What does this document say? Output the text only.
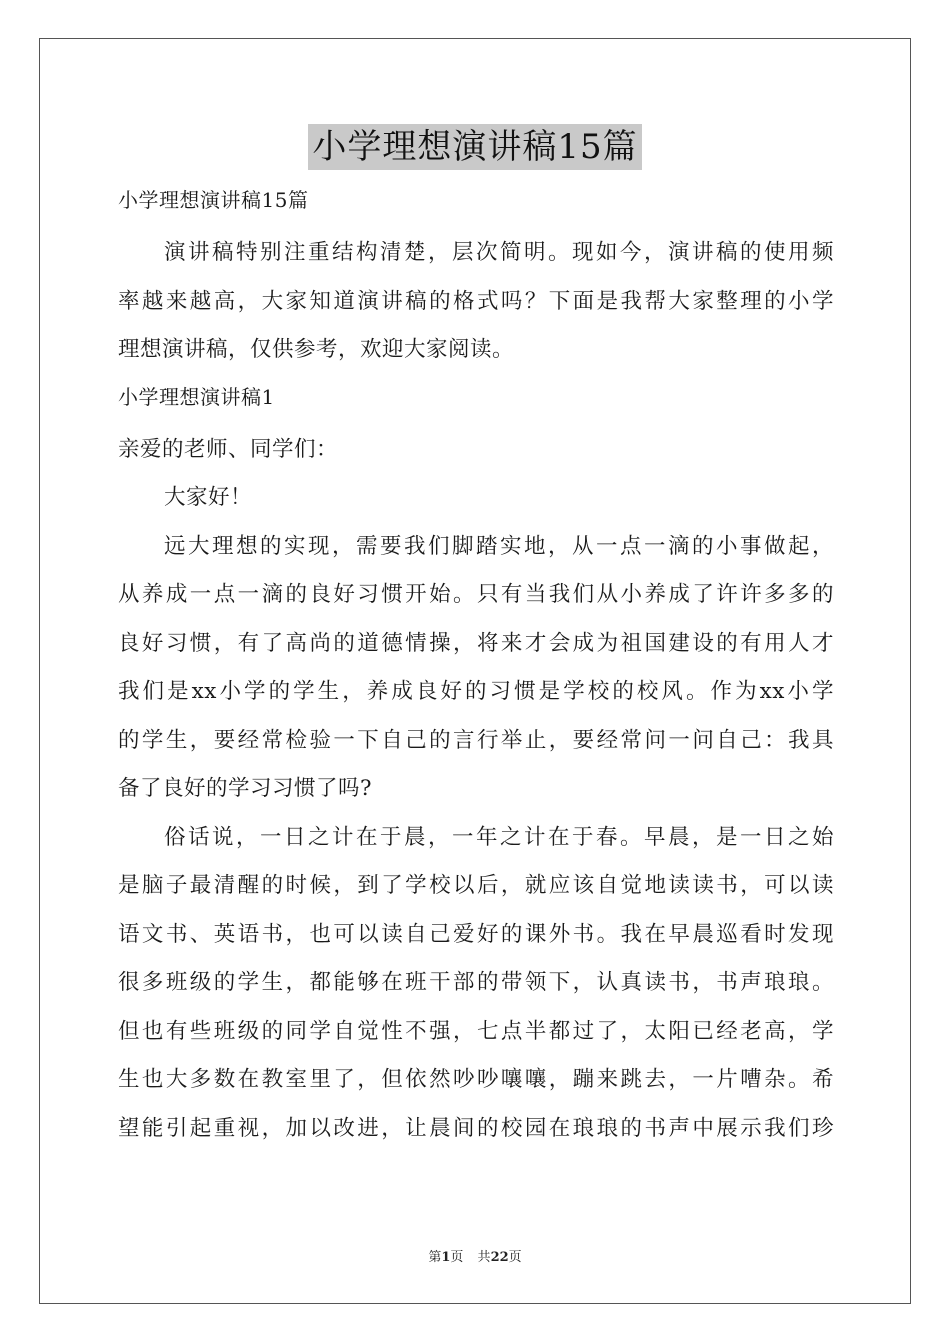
小学理想演讲稿15篇
小学理想演讲稿15篇
演讲稿特别注重结构清楚，层次简明。现如今，演讲稿的使用频
率越来越高，大家知道演讲稿的格式吗？下面是我帮大家整理的小学
理想演讲稿，仅供参考，欢迎大家阅读。
小学理想演讲稿1
亲爱的老师、同学们：
大家好！
远大理想的实现，需要我们脚踏实地，从一点一滴的小事做起，
从养成一点一滴的良好习惯开始。只有当我们从小养成了许许多多的
良好习惯，有了高尚的道德情操，将来才会成为祖国建设的有用人才
我们是xx小学的学生，养成良好的习惯是学校的校风。作为xx小学
的学生，要经常检验一下自己的言行举止，要经常问一问自己：我具
备了良好的学习习惯了吗?
俗话说，一日之计在于晨，一年之计在于春。早晨，是一日之始
是脑子最清醒的时候，到了学校以后，就应该自觉地读读书，可以读
语文书、英语书，也可以读自己爱好的课外书。我在早晨巡看时发现
很多班级的学生，都能够在班干部的带领下，认真读书，书声琅琅。
但也有些班级的同学自觉性不强，七点半都过了，太阳已经老高，学
生也大多数在教室里了，但依然吵吵嚷嚷，蹦来跳去，一片嘈杂。希
望能引起重视，加以改进，让晨间的校园在琅琅的书声中展示我们珍
第1页 共22页
